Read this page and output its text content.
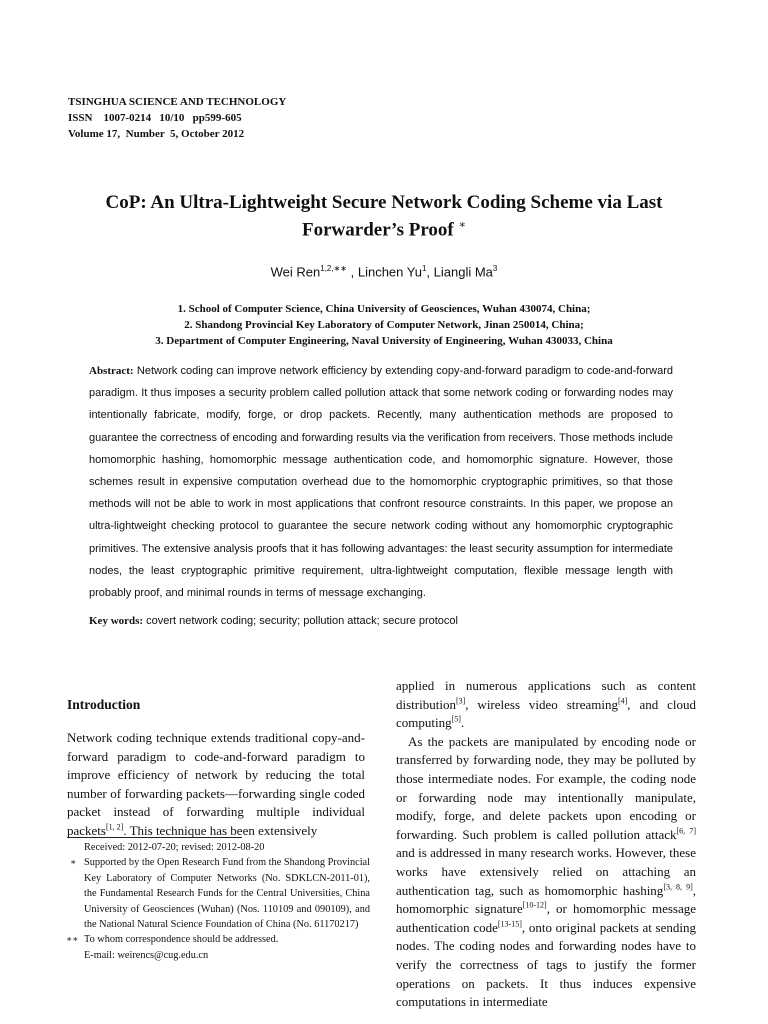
TSINGHUA SCIENCE AND TECHNOLOGY
ISSN    1007-0214   10/10   pp599-605
Volume 17,  Number  5, October 2012
CoP: An Ultra-Lightweight Secure Network Coding Scheme via Last
Forwarder’s Proof ∗
Wei Ren$^{1,2,∗∗}$ , Linchen Yu$^1$, Liangli Ma$^3$
1. School of Computer Science, China University of Geosciences, Wuhan 430074, China;
2. Shandong Provincial Key Laboratory of Computer Network, Jinan 250014, China;
3. Department of Computer Engineering, Naval University of Engineering, Wuhan 430033, China
Abstract: Network coding can improve network efficiency by extending copy-and-forward paradigm to code-and-forward paradigm. It thus imposes a security problem called pollution attack that some network coding or forwarding nodes may intentionally fabricate, modify, forge, or drop packets. Recently, many authentication methods are proposed to guarantee the correctness of encoding and forwarding results via the verification from receivers. Those methods include homomorphic hashing, homomorphic message authentication code, and homomorphic signature. However, those schemes result in expensive computation overhead due to the homomorphic cryptographic primitives, so that those methods will not be able to work in most applications that confront resource constraints. In this paper, we propose an ultra-lightweight checking protocol to guarantee the secure network coding without any homomorphic cryptographic primitives. The extensive analysis proofs that it has following advantages: the least security assumption for intermediate nodes, the least cryptographic primitive requirement, ultra-lightweight computation, flexible message length with probably proof, and minimal rounds in terms of message exchanging.
Key words: covert network coding; security; pollution attack; secure protocol
Introduction

Network coding technique extends traditional copy-and-forward paradigm to code-and-forward paradigm to improve efficiency of network by reducing the total number of forwarding packets—forwarding single coded packet instead of forwarding multiple individual packets[1, 2]. This technique has been extensively

Received: 2012-07-20; revised: 2012-08-20
∗ Supported by the Open Research Fund from the Shandong Provincial Key Laboratory of Computer Networks (No. SDKLCN-2011-01), the Fundamental Research Funds for the Central Universities, China University of Geosciences (Wuhan) (Nos. 110109 and 090109), and the National Natural Science Foundation of China (No. 61170217)
∗∗ To whom correspondence should be addressed.
E-mail: weirencs@cug.edu.cn

applied in numerous applications such as content distribution[3], wireless video streaming[4], and cloud computing[5].

As the packets are manipulated by encoding node or transferred by forwarding node, they may be polluted by those intermediate nodes. For example, the coding node or forwarding node may intentionally manipulate, modify, forge, and delete packets upon encoding or forwarding. Such problem is called pollution attack[6, 7] and is addressed in many research works. However, these works have extensively relied on attaching an authentication tag, such as homomorphic hashing[3, 8, 9], homomorphic signature[10-12], or homomorphic message authentication code[13-15], onto original packets at sending nodes. The coding nodes and forwarding nodes have to verify the correctness of tags to justify the former operations on packets. It thus induces expensive computations in intermediate
